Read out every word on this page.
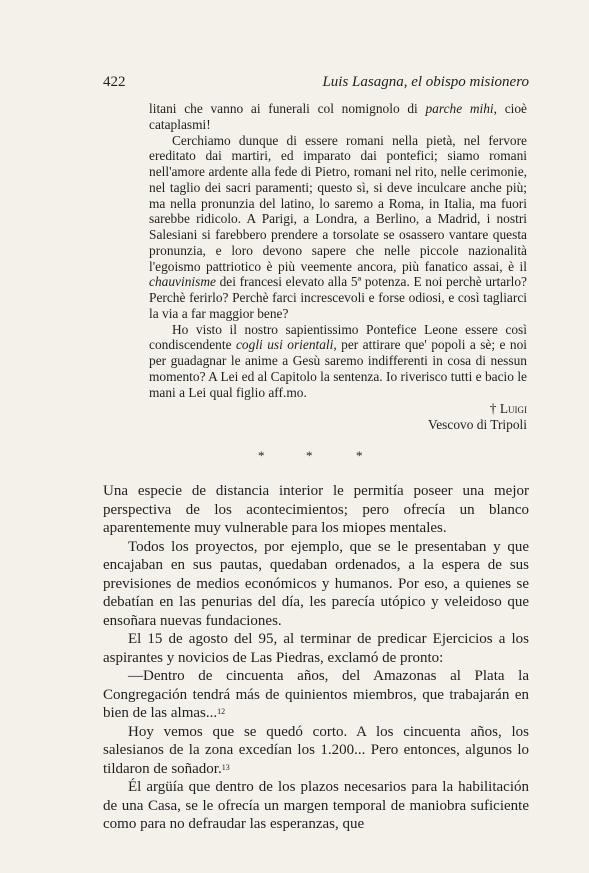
422	Luis Lasagna, el obispo misionero

litani che vanno ai funerali col nomignolo di parche mihi, cioè cataplasmi!

Cerchiamo dunque di essere romani nella pietà, nel fervore ereditato dai martiri, ed imparato dai pontefici; siamo romani nell'amore ardente alla fede di Pietro, romani nel rito, nelle cerimonie, nel taglio dei sacri paramenti; questo sì, si deve inculcare anche più; ma nella pronunzia del latino, lo saremo a Roma, in Italia, ma fuori sarebbe ridicolo. A Parigi, a Londra, a Berlino, a Madrid, i nostri Salesiani si farebbero prendere a torsolate se osassero vantare questa pronunzia, e loro devono sapere che nelle piccole nazionalità l'egoismo pattriotico è più veemente ancora, più fanatico assai, è il chauvinisme dei francesi elevato alla 5ª potenza. E noi perchè urtarlo? Perchè ferirlo? Perchè farci increscevoli e forse odiosi, e così tagliarci la via a far maggior bene?

Ho visto il nostro sapientissimo Pontefice Leone essere così condiscendente cogli usi orientali, per attirare que' popoli a sè; e noi per guadagnar le anime a Gesù saremo indifferenti in cosa di nessun momento? A Lei ed al Capitolo la sentenza. Io riverisco tutti e bacio le mani a Lei qual figlio aff.mo.

† Luigi
Vescovo di Tripoli
*	*	*

Una especie de distancia interior le permitía poseer una mejor perspectiva de los acontecimientos; pero ofrecía un blanco aparentemente muy vulnerable para los miopes mentales.

Todos los proyectos, por ejemplo, que se le presentaban y que encajaban en sus pautas, quedaban ordenados, a la espera de sus previsiones de medios económicos y humanos. Por eso, a quienes se debatían en las penurias del día, les parecía utópico y veleidoso que ensoñara nuevas fundaciones.

El 15 de agosto del 95, al terminar de predicar Ejercicios a los aspirantes y novicios de Las Piedras, exclamó de pronto:

—Dentro de cincuenta años, del Amazonas al Plata la Congregación tendrá más de quinientos miembros, que trabajarán en bien de las almas...$^{12}$

Hoy vemos que se quedó corto. A los cincuenta años, los salesianos de la zona excedían los 1.200... Pero entonces, algunos lo tildaron de soñador.$^{13}$

Él argüía que dentro de los plazos necesarios para la habilitación de una Casa, se le ofrecía un margen temporal de maniobra suficiente como para no defraudar las esperanzas, que
